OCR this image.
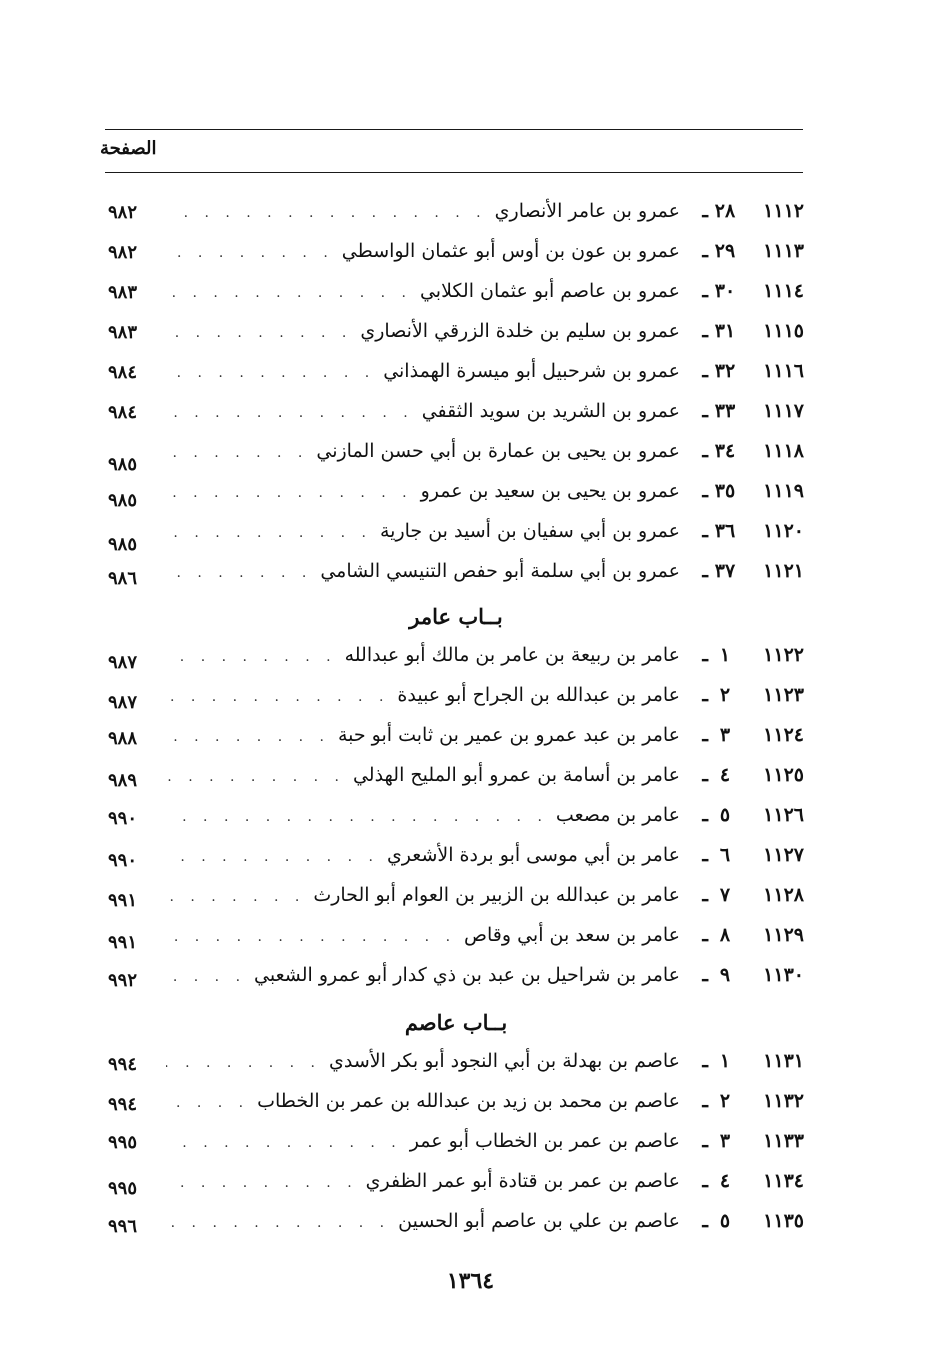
الصفحة
١١١٢
٢٨
ـ
عمرو بن عامر الأنصاري
. . .
٩٨٢
١١١٣
٢٩
ـ
عمرو بن عون بن أوس أبو عثمان الواسطي
. . .
٩٨٢
١١١٤
٣٠
ـ
عمرو بن عاصم أبو عثمان الكلابي
. . .
٩٨٣
١١١٥
٣١
ـ
عمرو بن سليم بن خلدة الزرقي الأنصاري
. . .
٩٨٣
١١١٦
٣٢
ـ
عمرو بن شرحبيل أبو ميسرة الهمذاني
. . .
٩٨٤
١١١٧
٣٣
ـ
عمرو بن الشريد بن سويد الثقفي
. . .
٩٨٤
١١١٨
٣٤
ـ
عمرو بن يحيى بن عمارة بن أبي حسن المازني
. . .
٩٨٥
١١١٩
٣٥
ـ
عمرو بن يحيى بن سعيد بن عمرو
. . .
٩٨٥
١١٢٠
٣٦
ـ
عمرو بن أبي سفيان بن أسيد بن جارية
. . .
٩٨٥
١١٢١
٣٧
ـ
عمرو بن أبي سلمة أبو حفص التنيسي الشامي
. . .
٩٨٦
بــاب عامر
١١٢٢
١
ـ
عامر بن ربيعة بن عامر بن مالك أبو عبدالله
. . .
٩٨٧
١١٢٣
٢
ـ
عامر بن عبدالله بن الجراح أبو عبيدة
. . .
٩٨٧
١١٢٤
٣
ـ
عامر بن عبد عمرو بن عمير بن ثابت أبو حبة
. . .
٩٨٨
١١٢٥
٤
ـ
عامر بن أسامة بن عمرو أبو المليح الهذلي
. . .
٩٨٩
١١٢٦
٥
ـ
عامر بن مصعب
. . .
٩٩٠
١١٢٧
٦
ـ
عامر بن أبي موسى أبو بردة الأشعري
. . .
٩٩٠
١١٢٨
٧
ـ
عامر بن عبدالله بن الزبير بن العوام أبو الحارث
. . .
٩٩١
١١٢٩
٨
ـ
عامر بن سعد بن أبي وقاص
. . .
٩٩١
١١٣٠
٩
ـ
عامر بن شراحيل بن عبد بن ذي كدار أبو عمرو الشعبي
. . .
٩٩٢
بــاب عاصم
١١٣١
١
ـ
عاصم بن بهدلة بن أبي النجود أبو بكر الأسدي
. . .
٩٩٤
١١٣٢
٢
ـ
عاصم بن محمد بن زيد بن عبدالله بن عمر بن الخطاب
. . .
٩٩٤
١١٣٣
٣
ـ
عاصم بن عمر بن الخطاب أبو عمر
. . .
٩٩٥
١١٣٤
٤
ـ
عاصم بن عمر بن قتادة أبو عمر الظفري
. . .
٩٩٥
١١٣٥
٥
ـ
عاصم بن علي بن عاصم أبو الحسين
. . .
٩٩٦
١٣٦٤
